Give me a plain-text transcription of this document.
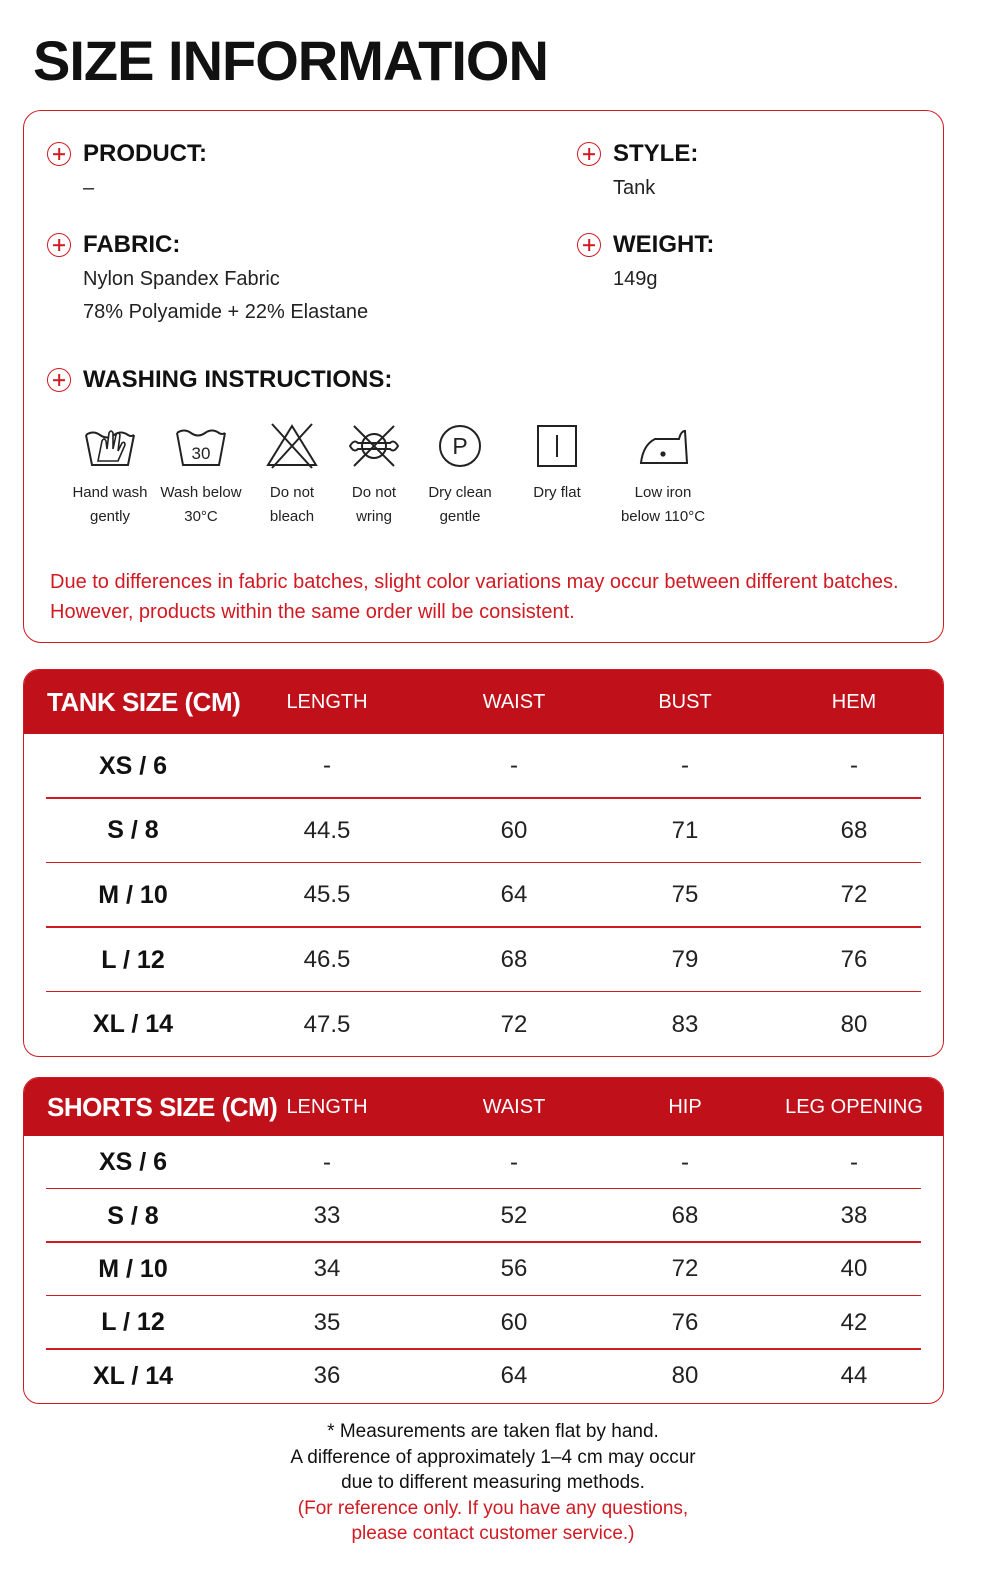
SIZE INFORMATION
PRODUCT:
–
STYLE:
Tank
FABRIC:
Nylon Spandex Fabric
78% Polyamide + 22% Elastane
WEIGHT:
149g
WASHING INSTRUCTIONS:
Hand wash
gently
30
Wash below
30°C
Do not
bleach
Do not
wring
P
Dry clean
gentle
Dry flat	Low iron
below 110°C
Due to differences in fabric batches, slight color variations may occur between different batches. However, products within the same order will be consistent.
TANK SIZE (CM)	LENGTH	WAIST	BUST	HEM
XS / 6	-	-	-	-
S / 8	44.5	60	71	68
M / 10	45.5	64	75	72
L / 12	46.5	68	79	76
XL / 14	47.5	72	83	80
SHORTS SIZE (CM) LENGTH	WAIST	HIP	LEG OPENING
XS / 6	-	-	-	-
S / 8	33	52	68	38
M / 10	34	56	72	40
L / 12	35	60	76	42
XL / 14	36	64	80	44
* Measurements are taken flat by hand.
A difference of approximately 1–4 cm may occur
due to different measuring methods.
(For reference only. If you have any questions,
please contact customer service.)
